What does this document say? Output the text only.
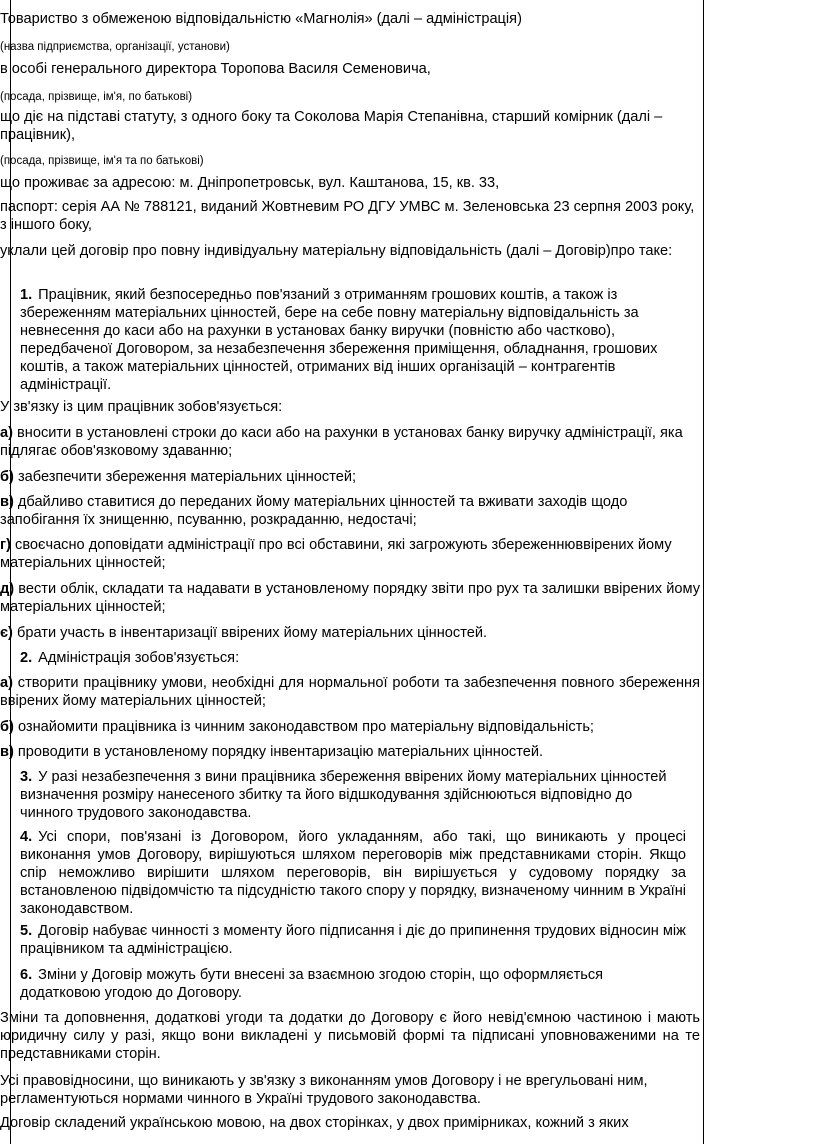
Товариство з обмеженою відповідальністю «Магнолія» (далі – адміністрація)

(назва підприємства, організації, установи)

в особі генерального директора Торопова Василя Семеновича,

(посада, прізвище, ім'я, по батькові)

що діє на підставі статуту, з одного боку та Соколова Марія Степанівна, старший комірник (далі – працівник),

(посада, прізвище, ім'я та по батькові)

що проживає за адресою: м. Дніпропетровськ, вул. Каштанова, 15, кв. 33,

паспорт: серія АА № 788121, виданий Жовтневим РО ДГУ УМВС м. Зеленовська 23 серпня 2003 року, з іншого боку,

уклали цей договір про повну індивідуальну матеріальну відповідальність (далі – Договір)про таке:

1. Працівник, який безпосередньо пов'язаний з отриманням грошових коштів, а також із збереженням матеріальних цінностей, бере на себе повну матеріальну відповідальність за невнесення до каси або на рахунки в установах банку виручки (повністю або частково), передбаченої Договором, за незабезпечення збереження приміщення, обладнання, грошових коштів, а також матеріальних цінностей, отриманих від інших організацій – контрагентів адміністрації.

У зв'язку із цим працівник зобов'язується:

а) вносити в установлені строки до каси або на рахунки в установах банку виручку адміністрації, яка підлягає обов'язковому здаванню;

б) забезпечити збереження матеріальних цінностей;

в) дбайливо ставитися до переданих йому матеріальних цінностей та вживати заходів щодо запобігання їх знищенню, псуванню, розкраданню, недостачі;

г) своєчасно доповідати адміністрації про всі обставини, які загрожують збереженнюввірених йому матеріальних цінностей;

д) вести облік, складати та надавати в установленому порядку звіти про рух та залишки ввірених йому матеріальних цінностей;

є) брати участь в інвентаризації ввірених йому матеріальних цінностей.

2. Адміністрація зобов'язується:

а) створити працівнику умови, необхідні для нормальної роботи та забезпечення повного збереження ввірених йому матеріальних цінностей;

б) ознайомити працівника із чинним законодавством про матеріальну відповідальність;

в) проводити в установленому порядку інвентаризацію матеріальних цінностей.

3. У разі незабезпечення з вини працівника збереження ввірених йому матеріальних цінностей визначення розміру нанесеного збитку та його відшкодування здійснюються відповідно до чинного трудового законодавства.

4. Усі спори, пов'язані із Договором, його укладанням, або такі, що виникають у процесі виконання умов Договору, вирішуються шляхом переговорів між представниками сторін. Якщо спір неможливо вирішити шляхом переговорів, він вирішується у судовому порядку за встановленою підвідомчістю та підсудністю такого спору у порядку, визначеному чинним в Україні законодавством.

5. Договір набуває чинності з моменту його підписання і діє до припинення трудових відносин між працівником та адміністрацією.

6. Зміни у Договір можуть бути внесені за взаємною згодою сторін, що оформляється додатковою угодою до Договору.

Зміни та доповнення, додаткові угоди та додатки до Договору є його невід'ємною частиною і мають юридичну силу у разі, якщо вони викладені у письмовій формі та підписані уповноваженими на те представниками сторін.

Усі правовідносини, що виникають у зв'язку з виконанням умов Договору і не врегульовані ним, регламентуються нормами чинного в Україні трудового законодавства.

Договір складений українською мовою, на двох сторінках, у двох примірниках, кожний з яких
